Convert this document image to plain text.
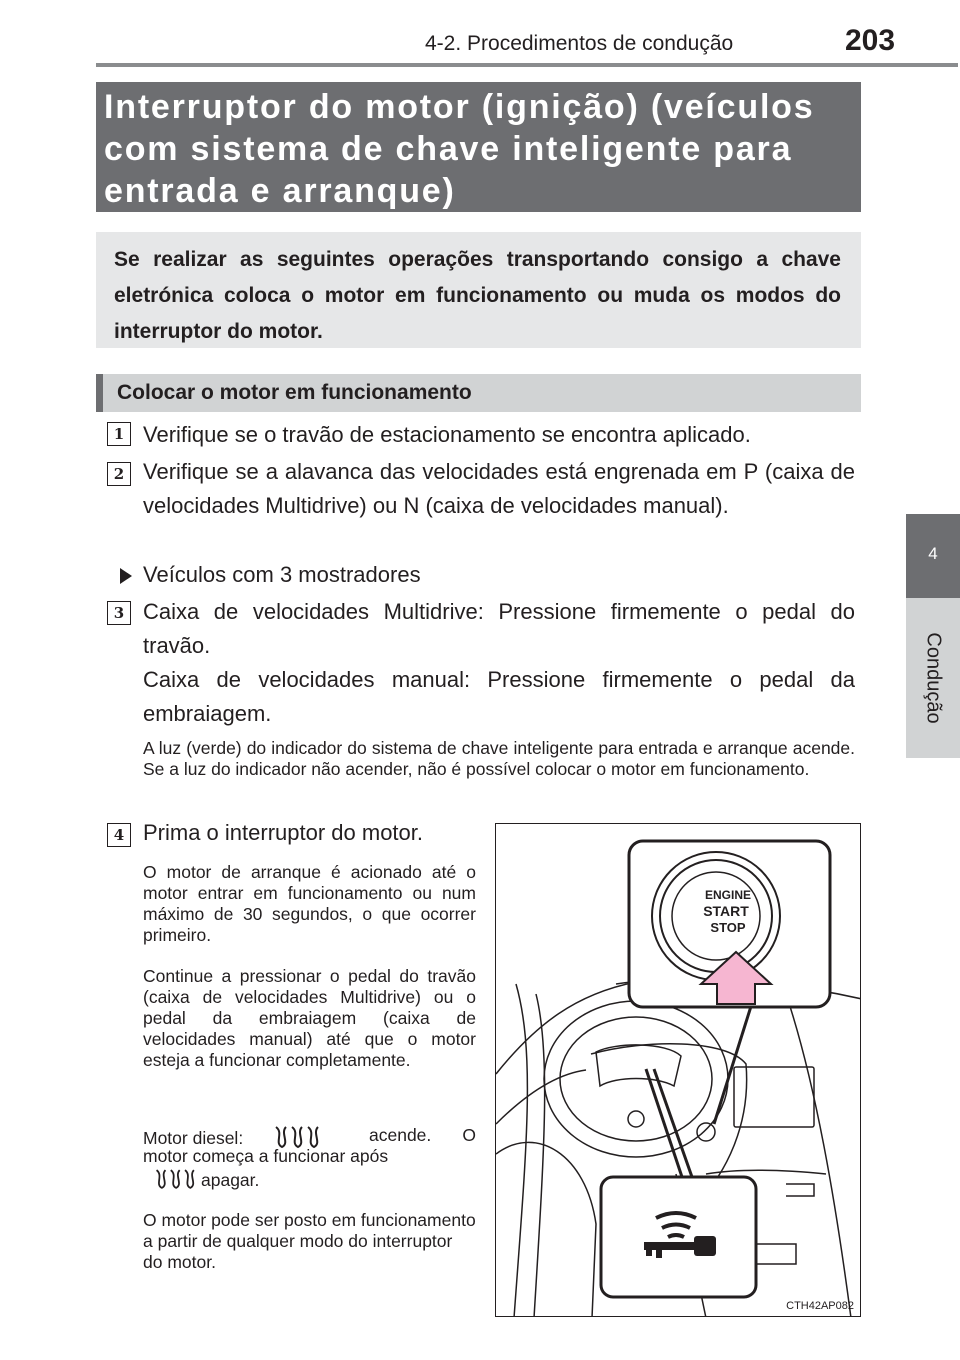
4-2. Procedimentos de condução	203
4
Condução
Interruptor do motor (ignição) (veículos
com sistema de chave inteligente para
entrada e arranque)
Se realizar as seguintes operações transportando consigo a chave eletrónica coloca o motor em funcionamento ou muda os modos do interruptor do motor.
Colocar o motor em funcionamento
1 Verifique se o travão de estacionamento se encontra aplicado.
2 Verifique se a alavanca das velocidades está engrenada em P (caixa de velocidades Multidrive) ou N (caixa de velocidades manual).
Veículos com 3 mostradores
3 Caixa de velocidades Multidrive: Pressione firmemente o pedal do travão.
Caixa de velocidades manual: Pressione firmemente o pedal da embraiagem.
A luz (verde) do indicador do sistema de chave inteligente para entrada e arranque acende. Se a luz do indicador não acender, não é possível colocar o motor em funcionamento.
4 Prima o interruptor do motor.
O motor de arranque é acionado até o motor entrar em funcionamento ou num máximo de 30 segundos, o que ocorrer primeiro.
Continue a pressionar o pedal do travão (caixa de velocidades Multidrive) ou o pedal da embraiagem (caixa de velocidades manual) até que o motor esteja a funcionar completamente.
Motor diesel:	acende. O motor começa a funcionar após
apagar.
O motor pode ser posto em funcionamento a partir de qualquer modo do interruptor do motor.
ENGINE
START
STOP
CTH42AP082
